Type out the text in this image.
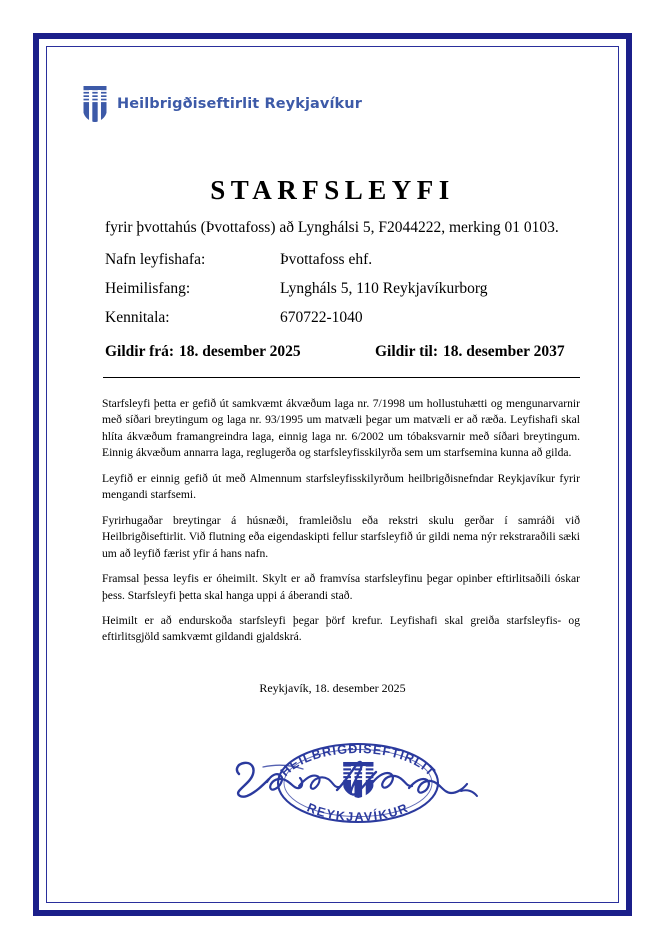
Heilbrigðiseftirlit Reykjavíkur
STARFSLEYFI
fyrir þvottahús (Þvottafoss) að Lynghálsi 5, F2044222, merking 01 0103.
Nafn leyfishafa:	Þvottafoss ehf.
Heimilisfang:	Lyngháls 5, 110 Reykjavíkurborg
Kennitala:	670722-1040
Gildir frá: 18. desember 2025	Gildir til: 18. desember 2037

Starfsleyfi þetta er gefið út samkvæmt ákvæðum laga nr. 7/1998 um hollustuhætti og mengunarvarnir með síðari breytingum og laga nr. 93/1995 um matvæli þegar um matvæli er að ræða. Leyfishafi skal hlíta ákvæðum framangreindra laga, einnig laga nr. 6/2002 um tóbaksvarnir með síðari breytingum. Einnig ákvæðum annarra laga, reglugerða og starfsleyfisskilyrða sem um starfsemina kunna að gilda.

Leyfið er einnig gefið út með Almennum starfsleyfisskilyrðum heilbrigðisnefndar Reykjavíkur fyrir mengandi starfsemi.

Fyrirhugaðar breytingar á húsnæði, framleiðslu eða rekstri skulu gerðar í samráði við Heilbrigðiseftirlit. Við flutning eða eigendaskipti fellur starfsleyfið úr gildi nema nýr rekstraraðili sæki um að leyfið færist yfir á hans nafn.

Framsal þessa leyfis er óheimilt. Skylt er að framvísa starfsleyfinu þegar opinber eftirlitsaðili óskar þess. Starfsleyfi þetta skal hanga uppi á áberandi stað.

Heimilt er að endurskoða starfsleyfi þegar þörf krefur. Leyfishafi skal greiða starfsleyfis- og eftirlitsgjöld samkvæmt gildandi gjaldskrá.

Reykjavík, 18. desember 2025
HEILBRIGÐISEFTIRLIT
REYKJAVÍKUR
